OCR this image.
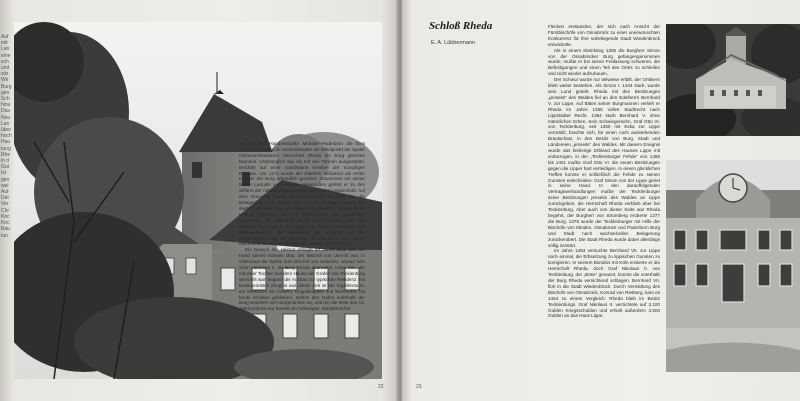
Auf
mit
Lan
eine
sch
und
sitz.
Wir
Burg
gen
Sch
hinu
Das
Neu
Lan
über
hoch
Hau
tung
Rhe
in d
Gut
ist
gen
wei
Auf
Det
Ver
Chr
Kirc
Kirc
Bau
tun

Wo die alte Handelsstraße Münster–Paderborn die Ems kreuzte, entstand im Hochmittelalter als Mittelpunkt der später reichsunmittelbaren Herrschaft Rheda die Burg gleichen Namens. Ursprünglich war sie mit vier Türmen ausgestattet, errichtet auf einer Sandsdüne inmitten der sumpfigen Emsaue. Um 1170 wurde der Edelherr Widukind als erster Inhaber der Burg urkundlich genannt. Zusammen mit seiner Mutter Lutrudis und anderen Verwandten gehört er zu den Stiftern der nahegelegenen Zisterzienserabtei Marienfeld. Auf dem Kreuzzug Kaiser Barbarossas fiel er 1189 bei der Belagerung von Akkon. Der Chronik zufolge wurden die sterblichen Überreste von einem frommen Ritter zurück in die Heimat gebracht und im Kapitelhaus von Marienfeld beigesetzt. Da Widukind ohne Nachkommen war, trat Edelherr Bernhard II. zur Lippe, ein naher Verwandter und Wohngastgeber, die Nachfolge als Burgherr an. Im vorgerückten Alter trat Bernhard als Mönch in das Kloster Marienfeld ein und wurde Abt des Klosters Dünamünde.

Ein Besuch der Heimat erfolgte im Jahre 1218 aus der Hand seines Sohnes Otto, der Bischof von Utrecht war, in Oldenzaal die Weihe zum Bischof von Selonien, worauf sein Sohn Hermann II. die Burg Rheda übernahm. Unter ihm, der mit einer Tochter aus dem Hause der Grafen von Tecklenburg vermählt war, begann der Ausbau zur typischen Residenz. Als bedeutendstes Zeugnis aus dieser Zeit ist der Kapellenturm, ein Wehrturm mit Torturm, Doppelkapelle und Wohnturm, bis heute erhalten geblieben. Neben den Hofen unterhalb der Burg siedelten sich Burgmannen an, und um die Mitte des 13. Jahrhunderts war bereits ein befestigter, städtähnlicher

22

Flecken entstanden, der sich nach Ansicht der Fürstbischöfe von Osnabrück zu einer unerwünschten Konkurrenz für ihre naheliegende Stadt Wiedenbrück entwickelte.

Als in einem Kleinkrieg 1305 die Burgherr Simon von der Osnabrücker Burg gefangengenommen wurde, mußte er bei seiner Freilassung schwören, die Befestigungen und einen Teil des Ortes zu schleifen und nicht wieder aufzubauen.

Der Schwur wurde nur teilweise erfüllt, der Ortskern blieb weiter bestehen. Als Simon I. 1344 starb, wurde sein Land geteilt. Rheda mit den Besitzungen „jenseits“ des Waldes fiel an den Edelherrn Bernhard V. zur Lippe. Auf Bitten seiner Burgmannen verlieh er Rheda im Jahre 1355 volles Stadtrecht nach Lippstädter Recht. 1364 starb Bernhard V. ohne männlichen Erben. Sein Schwiegersohn, Graf Otto VI. von Tecklenburg, seit 1360 mit Eska zur Lippe vermählt, brachte sich, für einen noch ausstehenden Brautschatz, in den Besitz von Burg, Stadt und Ländereien „jenseits“ des Waldes. Mit diesem Ereignis wurde das bisherige Erbland des Hauses Lippe mit einbezogen, in der „Tecklenburger Fehde“ von 1368 bis 1401 mußte Graf Otto VI. die neuen Besitzungen gegen die Lipper hart verteidigen. In einem glücklichen Treffen konnte er schließlich die Fehde zu seinen Gunsten entscheiden. Graf Simon von der Lippe geriet in seine Hand. In den darauffolgenden Vertragsverhandlungen mußte der Tecklenburger seine Besitzungen jenseits des Waldes an Lippe zurückgeben, die Herrschaft Rheda verblieb aber bei Tecklenburg. Aber auch von dieser Seite war Rheda begehrt, der Burgherr von Stromberg eroberte 1377 die Burg. 1378 wurde der Tecklenburger mit Hilfe der Bischöfe von Minden, Osnabrück und Paderborn Burg und Stadt nach wechselvollen Belagerung zurückerobert. Die Stadt Rheda wurde dabei allerdings völlig zerstört.

Im Jahre 1453 versuchte Bernhard VII. zur Lippe noch einmal, die Erbsetzung zu lippischen Gunsten zu korrigieren. In seinem Bündnis mit Köln eroberte er die Herrschaft Rheda, doch Graf Nikolaus II. von Tecklenburg, der „Böse“ genannt, konnte die unterhalb der Burg Rheda vernichtend schlagen. Bernhard VII. floh in die Stadt Wiedenbrück. Durch Vermittlung des Bischofs von Osnabrück, Konrad von Rietberg, kam es 1454 zu einem Vergleich: Rheda blieb im Besitz Tecklenburgs. Graf Nikolaus II. verzichtete auf 3.100 Gulden Kriegsschulden und erhielt außerdem 3.500 Gulden an das Haus Lippe.

23
Schloß Rheda
E. A. Lübbermann
